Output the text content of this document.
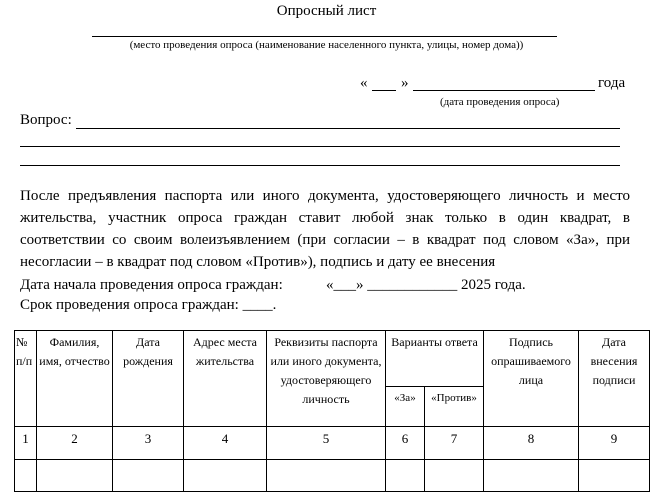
Опросный лист
(место проведения опроса (наименование населенного пункта, улицы, номер дома))
« »	года
(дата проведения опроса)
Вопрос:
После предъявления паспорта или иного документа, удостоверяющего личность и место жительства, участник опроса граждан ставит любой знак только в один квадрат, в соответствии со своим волеизъявлением (при согласии – в квадрат под словом «За», при несогласии – в квадрат под словом «Против»), подпись и дату ее внесения
Дата начала проведения опроса граждан:	«___» ____________ 2025 года.
Срок проведения опроса граждан: ____.
№ п/п	Фамилия, имя, отчество	Дата рождения	Адрес места жительства	Реквизиты паспорта или иного документа, удостоверяющего личность	Варианты ответа		Подпись опрашиваемого лица	Дата внесения подписи
					«За»	«Против»		
1	2	3	4	5	6	7	8	9
